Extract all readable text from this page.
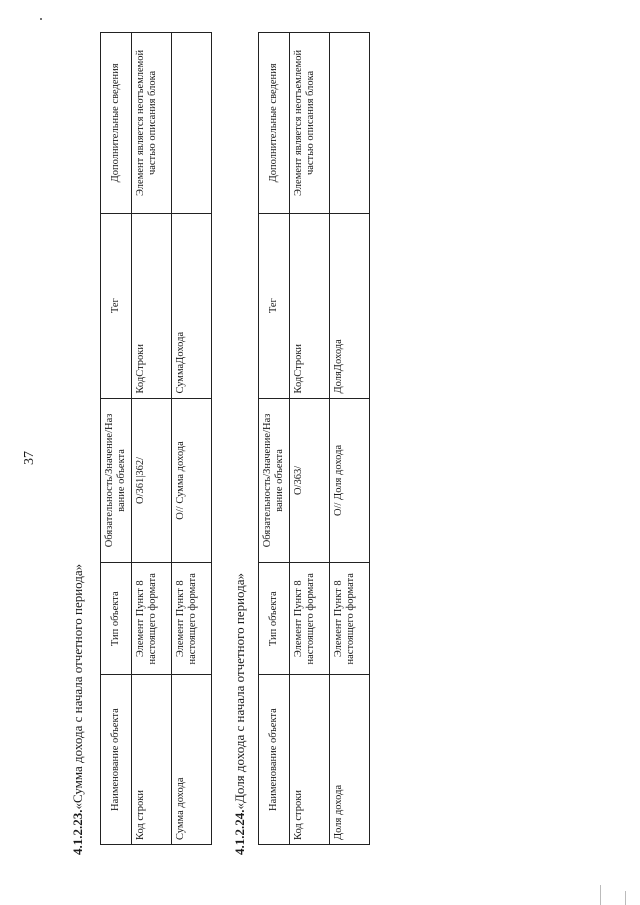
37
4.1.2.23.«Сумма дохода с начала отчетного периода» Наименование объекта	Тип объекта	Обязательность/Значение/Наз вание объекта	Тег	Дополнительные сведения
Код строки	Элемент Пункт 8 настоящего формата	О/361|362/	КодСтроки	Элемент является неотъемлемой частью описания блока
Сумма дохода	Элемент Пункт 8 настоящего формата	О// Сумма дохода	СуммаДохода	
4.1.2.24.«Доля дохода с начала отчетного периода» Наименование объекта	Тип объекта	Обязательность/Значение/Наз вание объекта	Тег	Дополнительные сведения
Код строки	Элемент Пункт 8 настоящего формата	О/363/	КодСтроки	Элемент является неотъемлемой частью описания блока
Доля дохода	Элемент Пункт 8 настоящего формата	О// Доля дохода	ДоляДохода	
